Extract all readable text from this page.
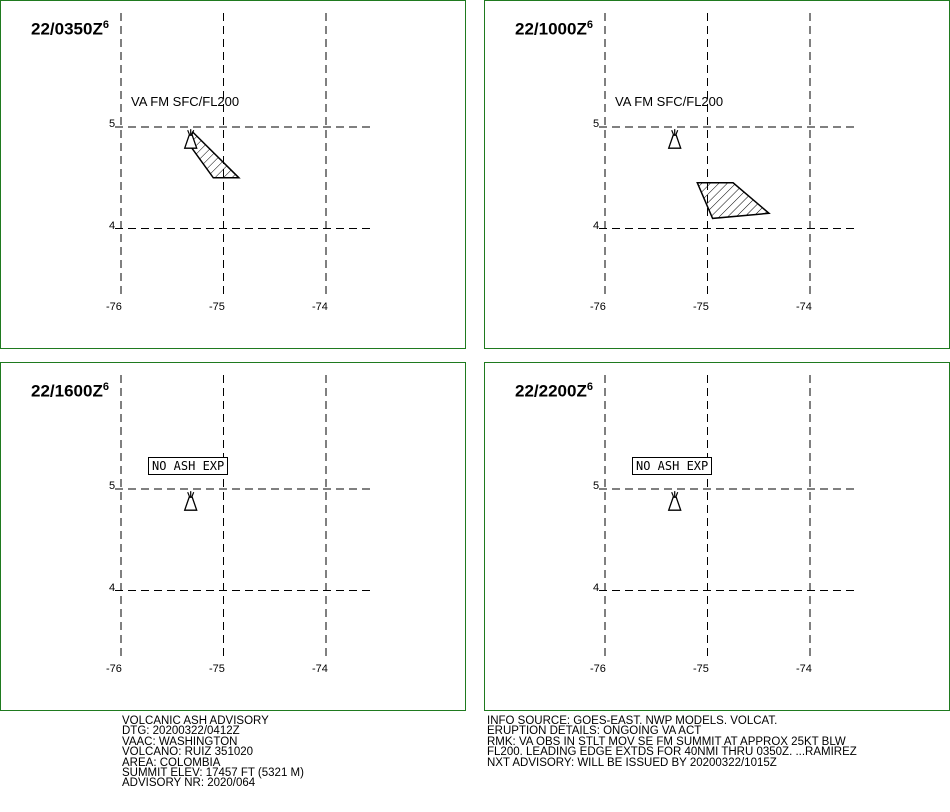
$22/0350Z^6$
VA FM SFC/FL200
5
4
-76	-75	-74
$22/1000Z^6$
VA FM SFC/FL200
5
4
-76	-75	-74
$22/1600Z^6$
NO ASH EXP
5
4
-76	-75	-74
$22/2200Z^6$
NO ASH EXP
5
4
-76	-75	-74
VOLCANIC ASH ADVISORY
DTG: 20200322/0412Z
VAAC: WASHINGTON
VOLCANO: RUIZ 351020
AREA: COLOMBIA
SUMMIT ELEV: 17457 FT (5321 M)
ADVISORY NR: 2020/064
INFO SOURCE: GOES-EAST. NWP MODELS. VOLCAT.
ERUPTION DETAILS: ONGOING VA ACT
RMK: VA OBS IN STLT MOV SE FM SUMMIT AT APPROX 25KT BLW
FL200. LEADING EDGE EXTDS FOR 40NMI THRU 0350Z. ...RAMIREZ
NXT ADVISORY: WILL BE ISSUED BY 20200322/1015Z
